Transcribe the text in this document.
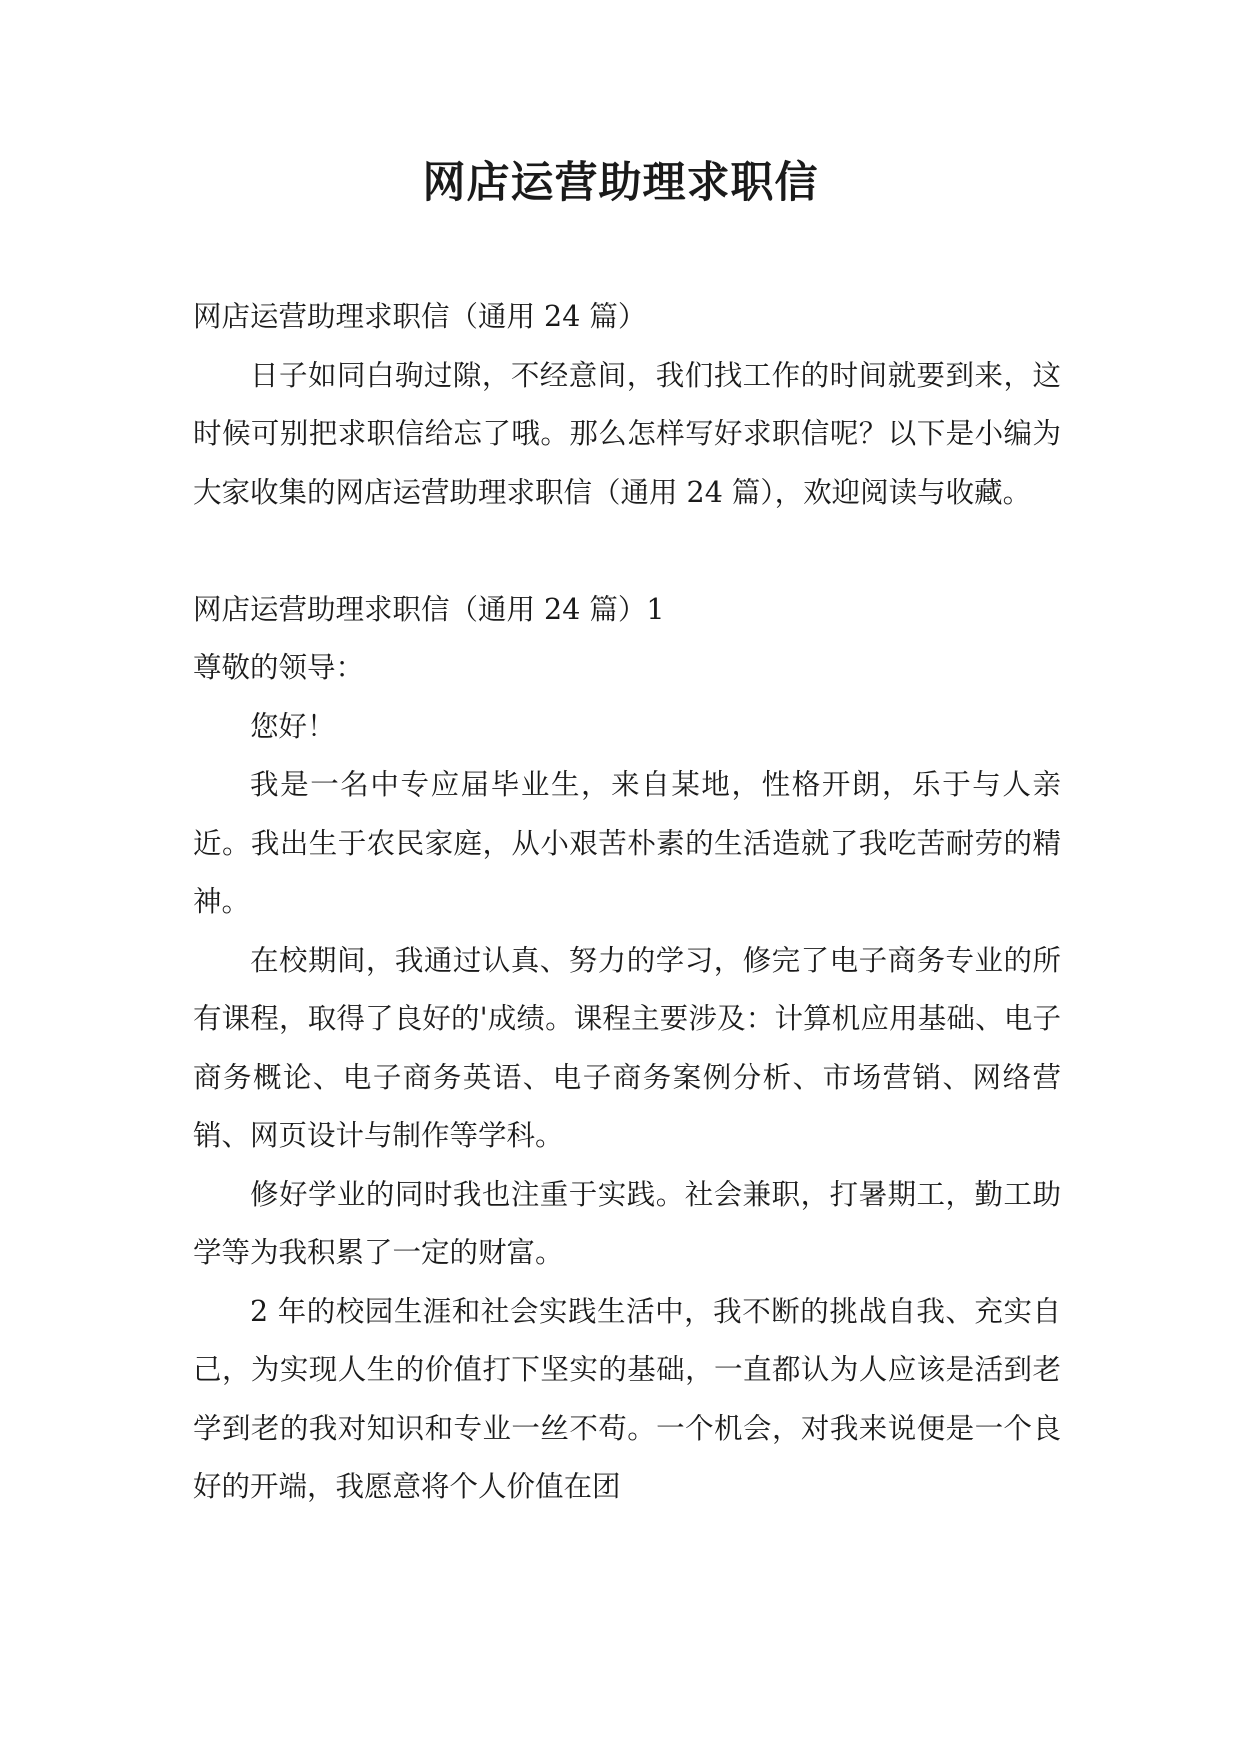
网店运营助理求职信

网店运营助理求职信（通用 24 篇）

日子如同白驹过隙，不经意间，我们找工作的时间就要到来，这时候可别把求职信给忘了哦。那么怎样写好求职信呢？以下是小编为大家收集的网店运营助理求职信（通用 24 篇），欢迎阅读与收藏。

网店运营助理求职信（通用 24 篇）1

尊敬的领导：

您好！

我是一名中专应届毕业生，来自某地，性格开朗，乐于与人亲近。我出生于农民家庭，从小艰苦朴素的生活造就了我吃苦耐劳的精神。

在校期间，我通过认真、努力的学习，修完了电子商务专业的所有课程，取得了良好的'成绩。课程主要涉及：计算机应用基础、电子商务概论、电子商务英语、电子商务案例分析、市场营销、网络营销、网页设计与制作等学科。

修好学业的同时我也注重于实践。社会兼职，打暑期工，勤工助学等为我积累了一定的财富。

2 年的校园生涯和社会实践生活中，我不断的挑战自我、充实自己，为实现人生的价值打下坚实的基础，一直都认为人应该是活到老学到老的我对知识和专业一丝不苟。一个机会，对我来说便是一个良好的开端，我愿意将个人价值在团
